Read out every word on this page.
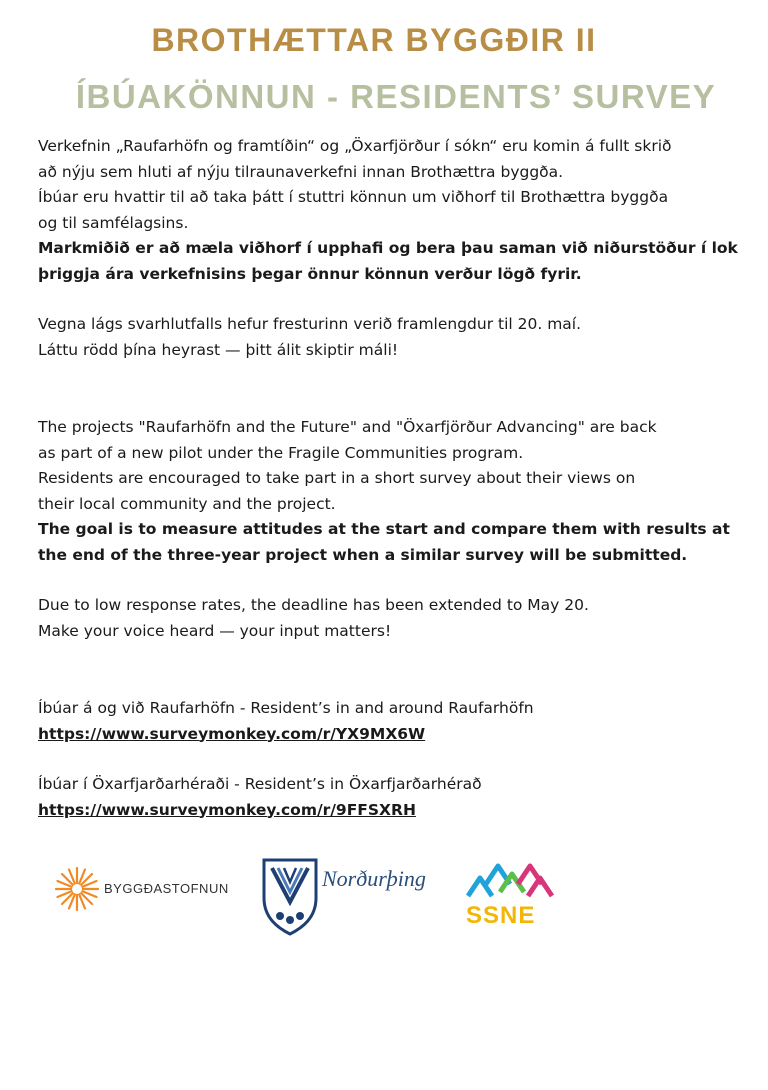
BROTHÆTTAR BYGGÐIR II
ÍBÚAKÖNNUN - RESIDENTS’ SURVEY

Verkefnin „Raufarhöfn og framtíðin“ og „Öxarfjörður í sókn“ eru komin á fullt skrið

að nýju sem hluti af nýju tilraunaverkefni innan Brothættra byggða.

Íbúar eru hvattir til að taka þátt í stuttri könnun um viðhorf til Brothættra byggða

og til samfélagsins.

Markmiðið er að mæla viðhorf í upphafi og bera þau saman við niðurstöður í lok

þriggja ára verkefnisins þegar önnur könnun verður lögð fyrir.

Vegna lágs svarhlutfalls hefur fresturinn verið framlengdur til 20. maí.

Láttu rödd þína heyrast — þitt álit skiptir máli!

The projects "Raufarhöfn and the Future" and "Öxarfjörður Advancing" are back

as part of a new pilot under the Fragile Communities program.

Residents are encouraged to take part in a short survey about their views on

their local community and the project.

The goal is to measure attitudes at the start and compare them with results at

the end of the three-year project when a similar survey will be submitted.

Due to low response rates, the deadline has been extended to May 20.

Make your voice heard — your input matters!

Íbúar á og við Raufarhöfn - Resident’s in and around Raufarhöfn

https://www.surveymonkey.com/r/YX9MX6W

Íbúar í Öxarfjarðarhéraði - Resident’s in Öxarfjarðarhérað

https://www.surveymonkey.com/r/9FFSXRH

BYGGÐASTOFNUN	Norðurþing
SSNE
